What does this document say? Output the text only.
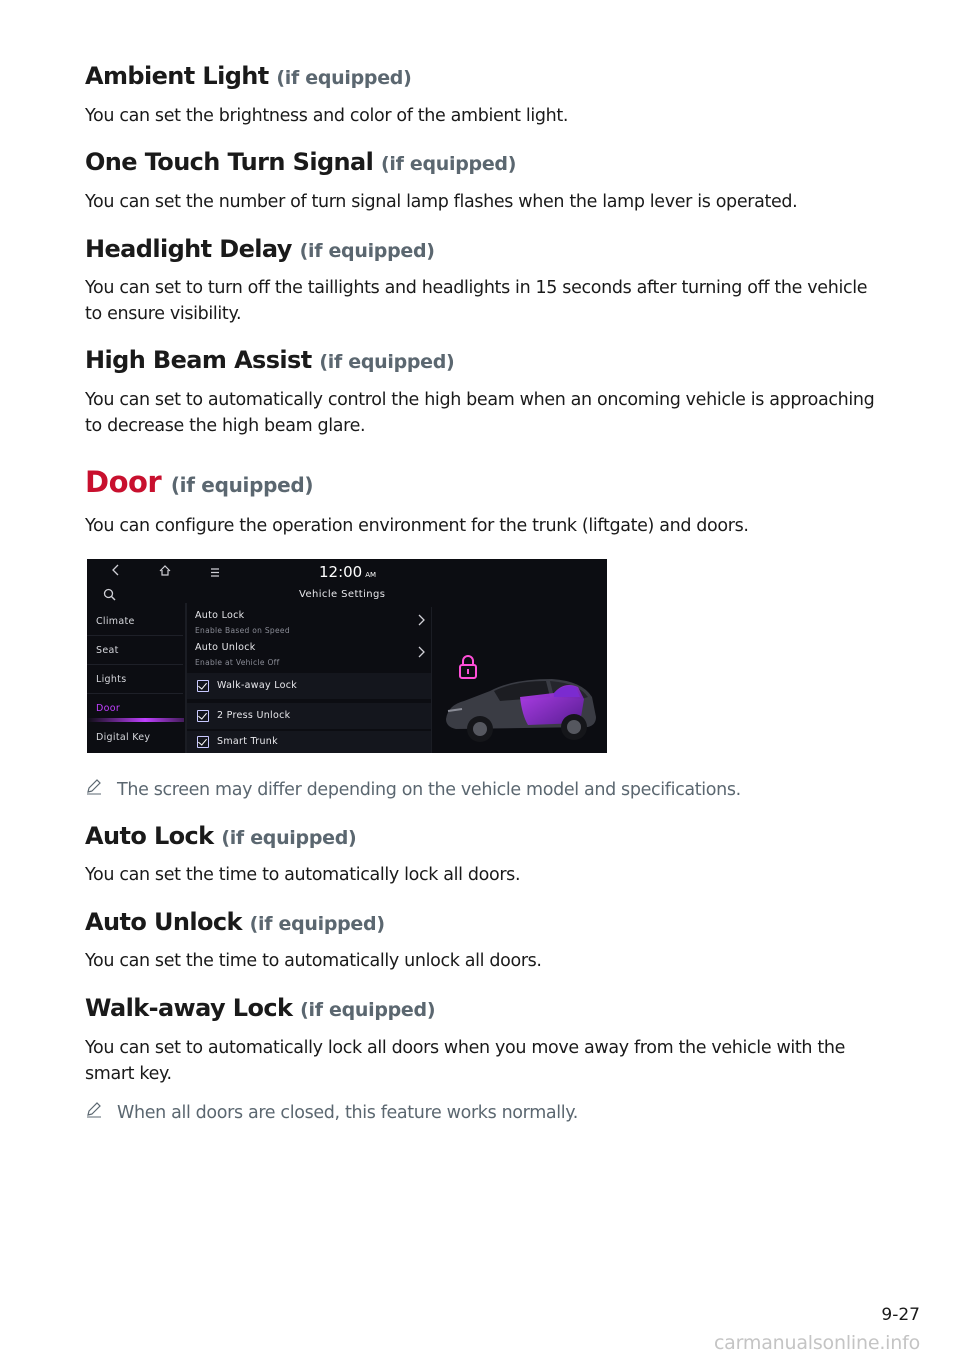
Ambient Light (if equipped)

You can set the brightness and color of the ambient light.

One Touch Turn Signal (if equipped)

You can set the number of turn signal lamp flashes when the lamp lever is operated.

Headlight Delay (if equipped)

You can set to turn off the taillights and headlights in 15 seconds after turning off the vehicle to ensure visibility.

High Beam Assist (if equipped)

You can set to automatically control the high beam when an oncoming vehicle is approaching to decrease the high beam glare.

Door (if equipped)

You can configure the operation environment for the trunk (liftgate) and doors.

The screen may differ depending on the vehicle model and specifications.
Auto Lock (if equipped)

You can set the time to automatically lock all doors.

Auto Unlock (if equipped)

You can set the time to automatically unlock all doors.

Walk-away Lock (if equipped)

You can set to automatically lock all doors when you move away from the vehicle with the smart key.

When all doors are closed, this feature works normally.
12:00 AM
Vehicle Settings
Climate
Seat
Lights
Door
Digital Key
Auto Lock
Enable Based on Speed
Auto Unlock
Enable at Vehicle Off
Walk-away Lock
2 Press Unlock
Smart Trunk
9-27
carmanualsonline.info
